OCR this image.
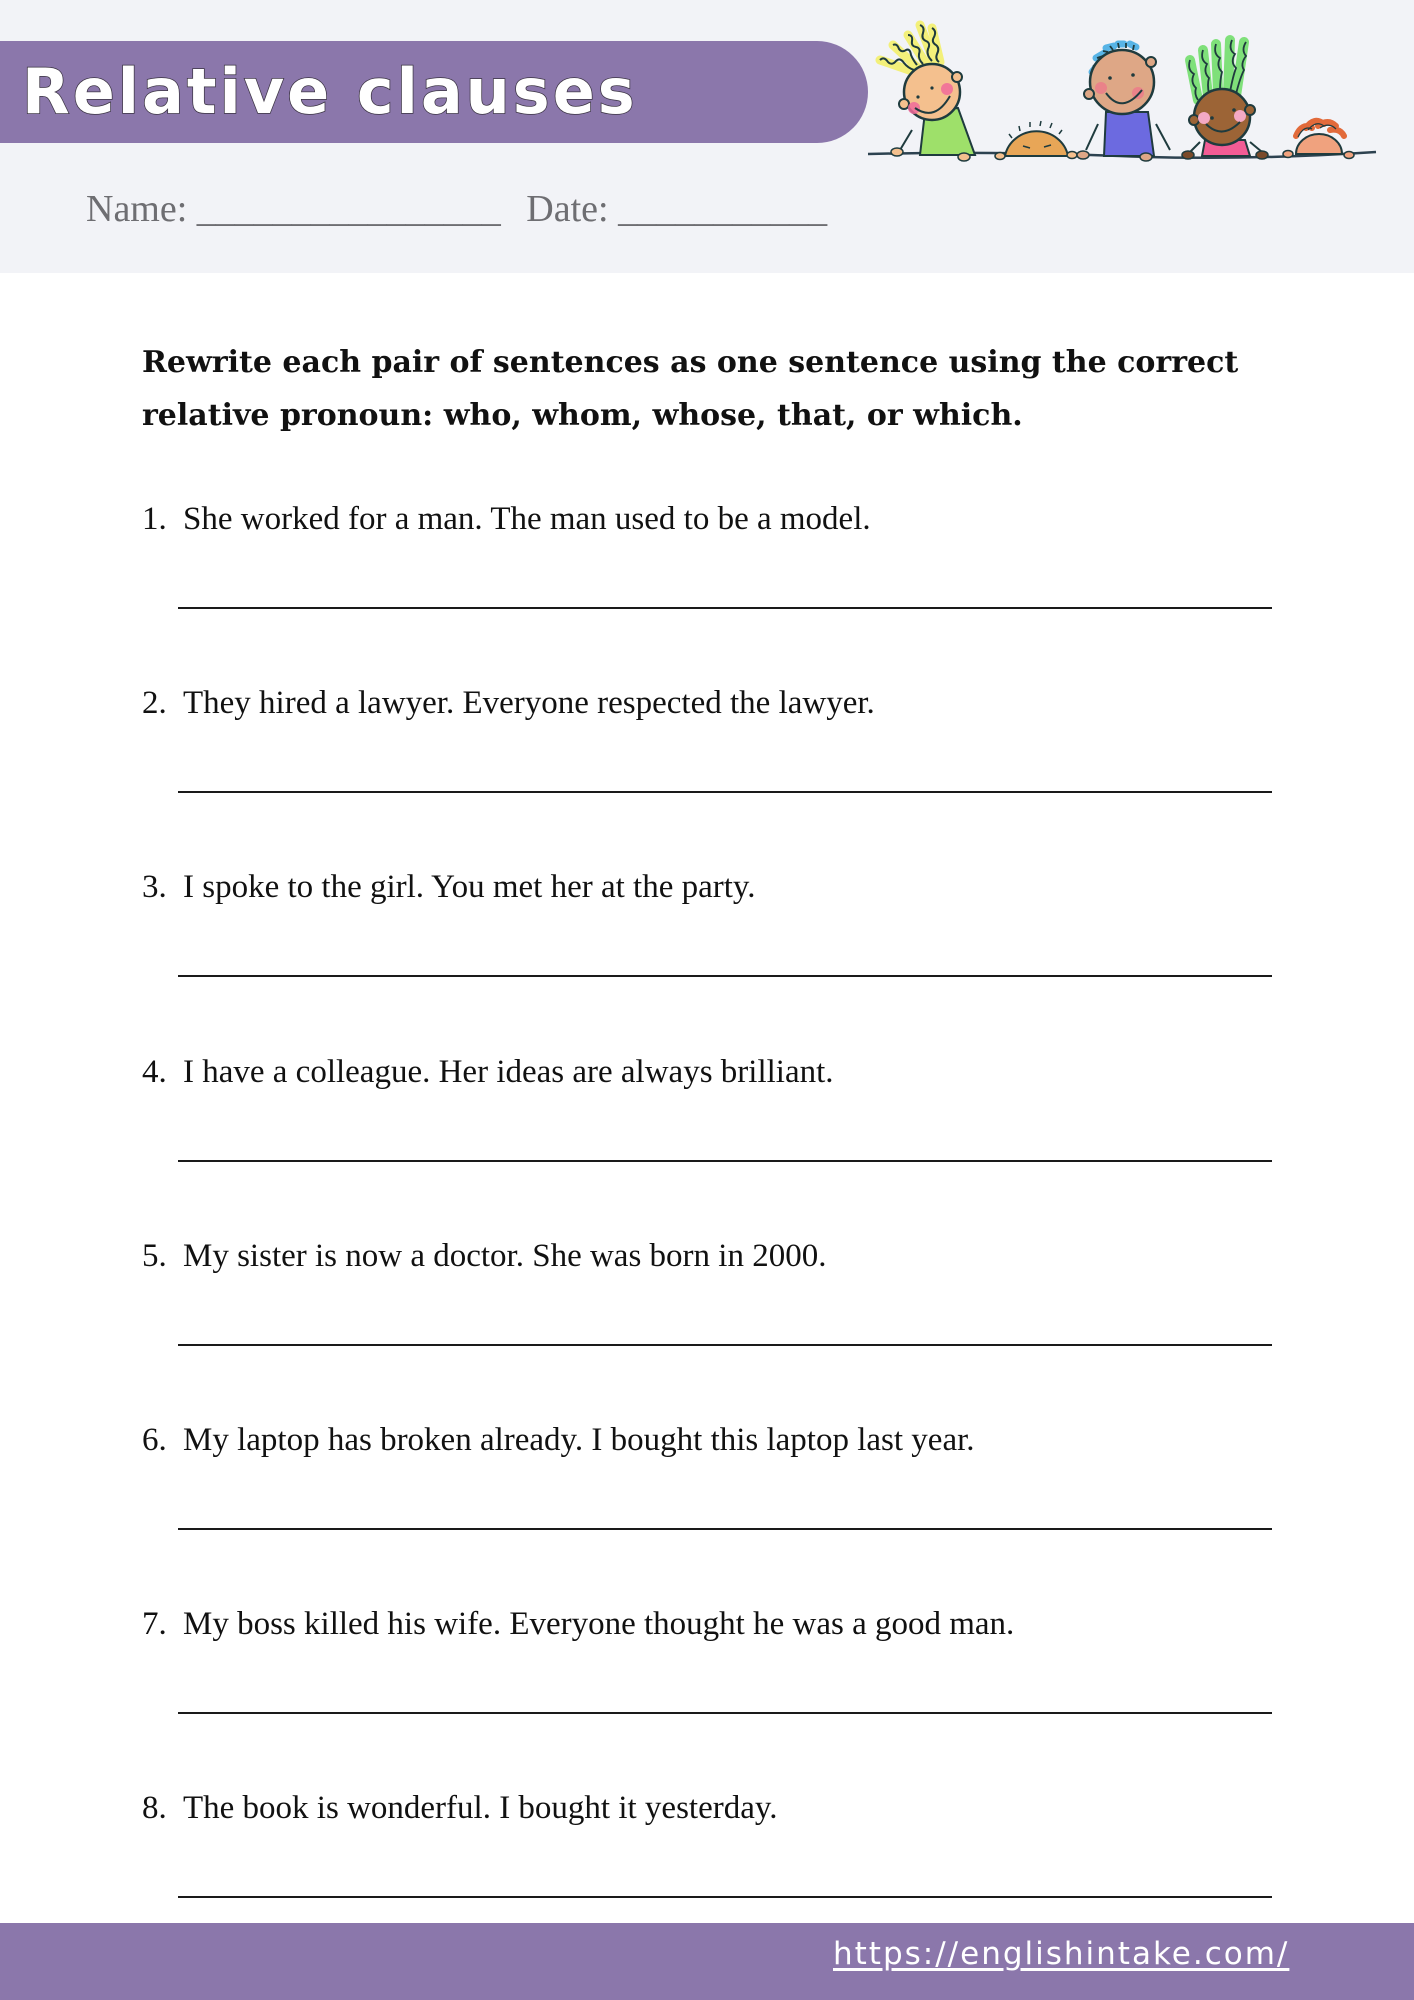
Relative clauses
Name: ________________ Date: ___________
Rewrite each pair of sentences as one sentence using the correct relative pronoun: who, whom, whose, that, or which.
1. She worked for a man. The man used to be a model.
2. They hired a lawyer. Everyone respected the lawyer.
3. I spoke to the girl. You met her at the party.
4. I have a colleague. Her ideas are always brilliant.
5. My sister is now a doctor. She was born in 2000.
6. My laptop has broken already. I bought this laptop last year.
7. My boss killed his wife. Everyone thought he was a good man.
8. The book is wonderful. I bought it yesterday.
https://englishintake.com/
